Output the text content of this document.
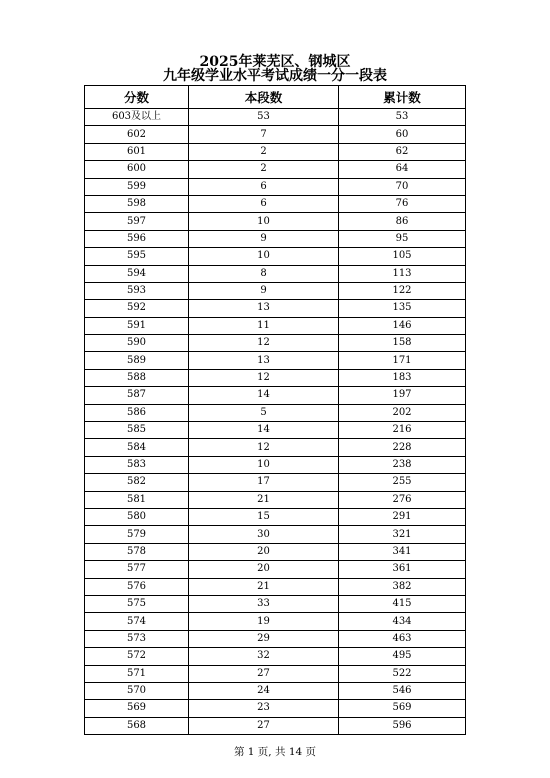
2025年莱芜区、钢城区
九年级学业水平考试成绩一分一段表
分数	本段数	累计数
603及以上	53	53
602	7	60
601	2	62
600	2	64
599	6	70
598	6	76
597	10	86
596	9	95
595	10	105
594	8	113
593	9	122
592	13	135
591	11	146
590	12	158
589	13	171
588	12	183
587	14	197
586	5	202
585	14	216
584	12	228
583	10	238
582	17	255
581	21	276
580	15	291
579	30	321
578	20	341
577	20	361
576	21	382
575	33	415
574	19	434
573	29	463
572	32	495
571	27	522
570	24	546
569	23	569
568	27	596
第 1 页, 共 14 页
